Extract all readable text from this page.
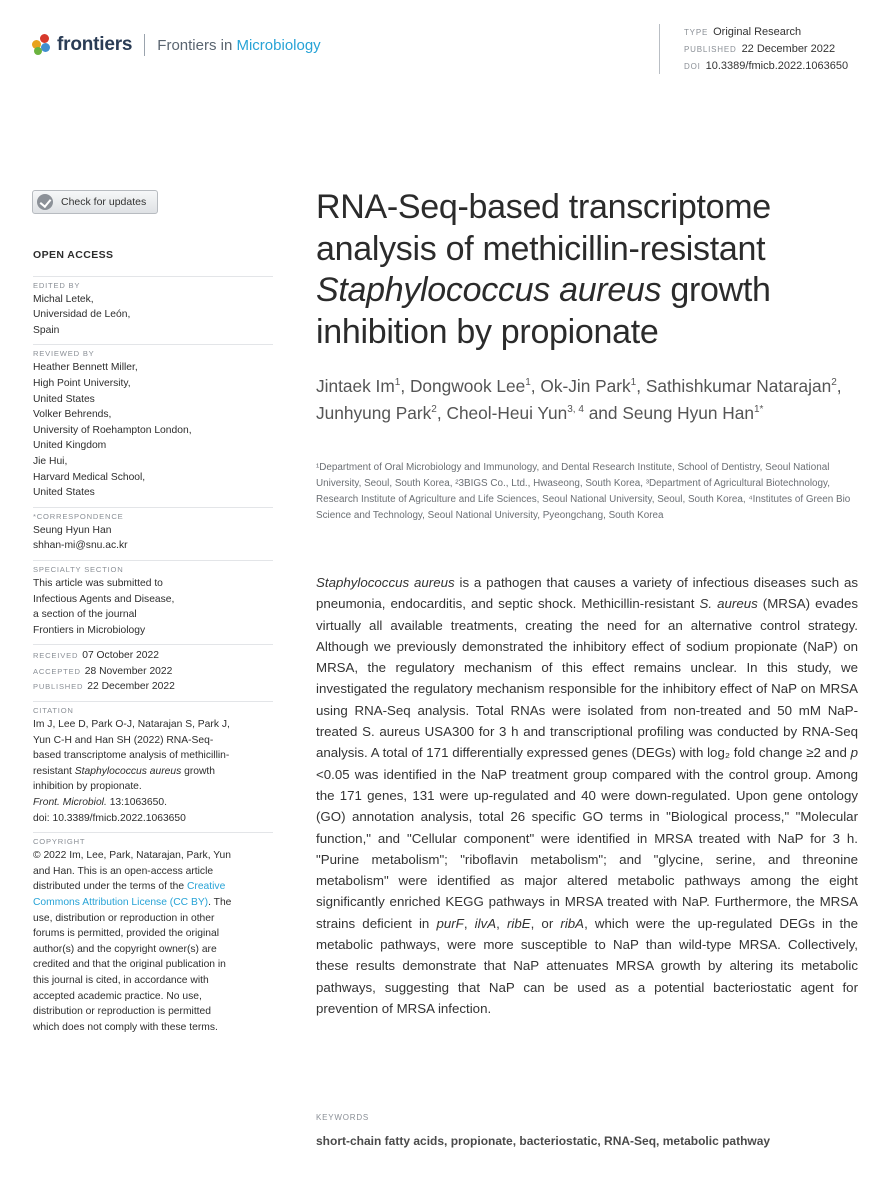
frontiers Frontiers in Microbiology
TYPE Original Research
PUBLISHED 22 December 2022
DOI 10.3389/fmicb.2022.1063650
Check for updates
OPEN ACCESS
EDITED BY

Michal Letek,

Universidad de León,

Spain

REVIEWED BY

Heather Bennett Miller,

High Point University,

United States

Volker Behrends,

University of Roehampton London,

United Kingdom

Jie Hui,

Harvard Medical School,

United States

*CORRESPONDENCE

Seung Hyun Han

shhan-mi@snu.ac.kr

SPECIALTY SECTION

This article was submitted to

Infectious Agents and Disease,

a section of the journal

Frontiers in Microbiology

RECEIVED 07 October 2022
ACCEPTED 28 November 2022
PUBLISHED 22 December 2022
CITATION

Im J, Lee D, Park O-J, Natarajan S, Park J,

Yun C-H and Han SH (2022) RNA-Seq-

based transcriptome analysis of methicillin-

resistant Staphylococcus aureus growth

inhibition by propionate.

Front. Microbiol. 13:1063650.

doi: 10.3389/fmicb.2022.1063650

COPYRIGHT

© 2022 Im, Lee, Park, Natarajan, Park, Yun

and Han. This is an open-access article

distributed under the terms of the Creative

Commons Attribution License (CC BY). The

use, distribution or reproduction in other

forums is permitted, provided the original

author(s) and the copyright owner(s) are

credited and that the original publication in

this journal is cited, in accordance with

accepted academic practice. No use,

distribution or reproduction is permitted

which does not comply with these terms.

RNA-Seq-based transcriptome
analysis of methicillin-resistant
Staphylococcus aureus growth
inhibition by propionate
Jintaek Im$^1$, Dongwook Lee$^1$, Ok-Jin Park$^1$, Sathishkumar Natarajan$^2$, Junhyung Park$^2$, Cheol-Heui Yun$^{3, 4}$ and Seung Hyun Han$^{1*}$
¹Department of Oral Microbiology and Immunology, and Dental Research Institute, School of Dentistry, Seoul National University, Seoul, South Korea, ²3BIGS Co., Ltd., Hwaseong, South Korea, ³Department of Agricultural Biotechnology, Research Institute of Agriculture and Life Sciences, Seoul National University, Seoul, South Korea, ⁴Institutes of Green Bio Science and Technology, Seoul National University, Pyeongchang, South Korea

Staphylococcus aureus is a pathogen that causes a variety of infectious diseases such as pneumonia, endocarditis, and septic shock. Methicillin-resistant S. aureus (MRSA) evades virtually all available treatments, creating the need for an alternative control strategy. Although we previously demonstrated the inhibitory effect of sodium propionate (NaP) on MRSA, the regulatory mechanism of this effect remains unclear. In this study, we investigated the regulatory mechanism responsible for the inhibitory effect of NaP on MRSA using RNA-Seq analysis. Total RNAs were isolated from non-treated and 50 mM NaP-treated S. aureus USA300 for 3 h and transcriptional profiling was conducted by RNA-Seq analysis. A total of 171 differentially expressed genes (DEGs) with log₂ fold change ≥2 and p <0.05 was identified in the NaP treatment group compared with the control group. Among the 171 genes, 131 were up-regulated and 40 were down-regulated. Upon gene ontology (GO) annotation analysis, total 26 specific GO terms in "Biological process," "Molecular function," and "Cellular component" were identified in MRSA treated with NaP for 3 h. "Purine metabolism"; "riboflavin metabolism"; and "glycine, serine, and threonine metabolism" were identified as major altered metabolic pathways among the eight significantly enriched KEGG pathways in MRSA treated with NaP. Furthermore, the MRSA strains deficient in purF, ilvA, ribE, or ribA, which were the up-regulated DEGs in the metabolic pathways, were more susceptible to NaP than wild-type MRSA. Collectively, these results demonstrate that NaP attenuates MRSA growth by altering its metabolic pathways, suggesting that NaP can be used as a potential bacteriostatic agent for prevention of MRSA infection.

KEYWORDS
short-chain fatty acids, propionate, bacteriostatic, RNA-Seq, metabolic pathway
